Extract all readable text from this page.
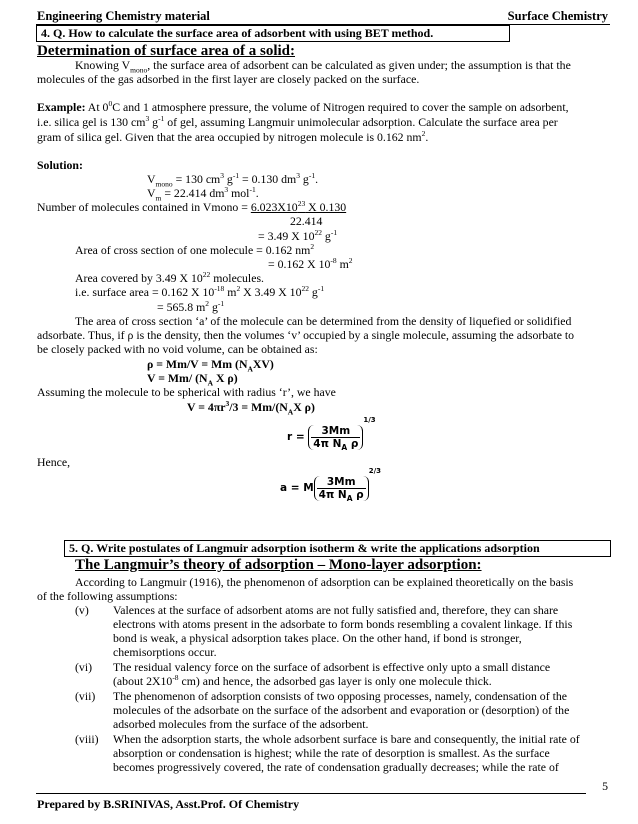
Engineering Chemistry material	Surface Chemistry
4. Q. How to calculate the surface area of adsorbent with using BET method.
Determination of surface area of a solid:
Knowing $V_{mono}$, the surface area of adsorbent can be calculated as given under; the assumption is that the
molecules of the gas adsorbed in the first layer are closely packed on the surface.
Example: At $0^0C$ and 1 atmosphere pressure, the volume of Nitrogen required to cover the sample on adsorbent,
i.e. silica gel is 130 $cm^3$ $g^{-1}$ of gel, assuming Langmuir unimolecular adsorption. Calculate the surface area per
gram of silica gel. Given that the area occupied by nitrogen molecule is 0.162 $nm^2$.
Solution:
$V_{mono} = 130$ $cm^3$ $g^{-1} = 0.130$ $dm^3$ $g^{-1}$.
$V_m = 22.414$ $dm^3$ mol$^{-1}$.
Number of molecules contained in Vmono = $6.023X10^{23}$ X 0.130
22.414
= 3.49 X $10^{22}$ $g^{-1}$
Area of cross section of one molecule = 0.162 $nm^2$
= 0.162 X $10^{-8}$ $m^2$
Area covered by 3.49 X $10^{22}$ molecules.
i.e. surface area = 0.162 X $10^{-18}$ $m^2$ X 3.49 X $10^{22}$ $g^{-1}$
= 565.8 $m^2$ $g^{-1}$
The area of cross section ‘a’ of the molecule can be determined from the density of liquefied or solidified
adsorbate. Thus, if ρ is the density, then the volumes ‘v’ occupied by a single molecule, assuming the adsorbate to
be closely packed with no void volume, can be obtained as:
ρ = Mm/V = Mm $(N_AXV)$
V = Mm/ ($N_A$ X ρ)
Assuming the molecule to be spherical with radius ‘r’, we have
$V = 4\pi r^3/3 = Mm/(N_AX$ ρ)
$r = \frac{3Mm}{4\pi N_A \rho}$
$^{1/3}$
Hence,
a = M $\frac{3Mm}{4\pi N_A \rho}$
$^{2/3}$
5. Q. Write postulates of Langmuir adsorption isotherm & write the applications adsorption
The Langmuir’s theory of adsorption – Mono-layer adsorption:
According to Langmuir (1916), the phenomenon of adsorption can be explained theoretically on the basis
of the following assumptions:
(v) Valences at the surface of adsorbent atoms are not fully satisfied and, therefore, they can share
electrons with atoms present in the adsorbate to form bonds resembling a covalent linkage. If this
bond is weak, a physical adsorption takes place. On the other hand, if bond is stronger,
chemisorptions occur.
(vi) The residual valency force on the surface of adsorbent is effective only upto a small distance
(about $2X10^{-8}$ cm) and hence, the adsorbed gas layer is only one molecule thick.
(vii) The phenomenon of adsorption consists of two opposing processes, namely, condensation of the
molecules of the adsorbate on the surface of the adsorbent and evaporation or (desorption) of the
adsorbed molecules from the surface of the adsorbent.
(viii) When the adsorption starts, the whole adsorbent surface is bare and consequently, the initial rate of
absorption or condensation is highest; while the rate of desorption is smallest. As the surface
becomes progressively covered, the rate of condensation gradually decreases; while the rate of
5
Prepared by B.SRINIVAS, Asst.Prof. Of Chemistry
